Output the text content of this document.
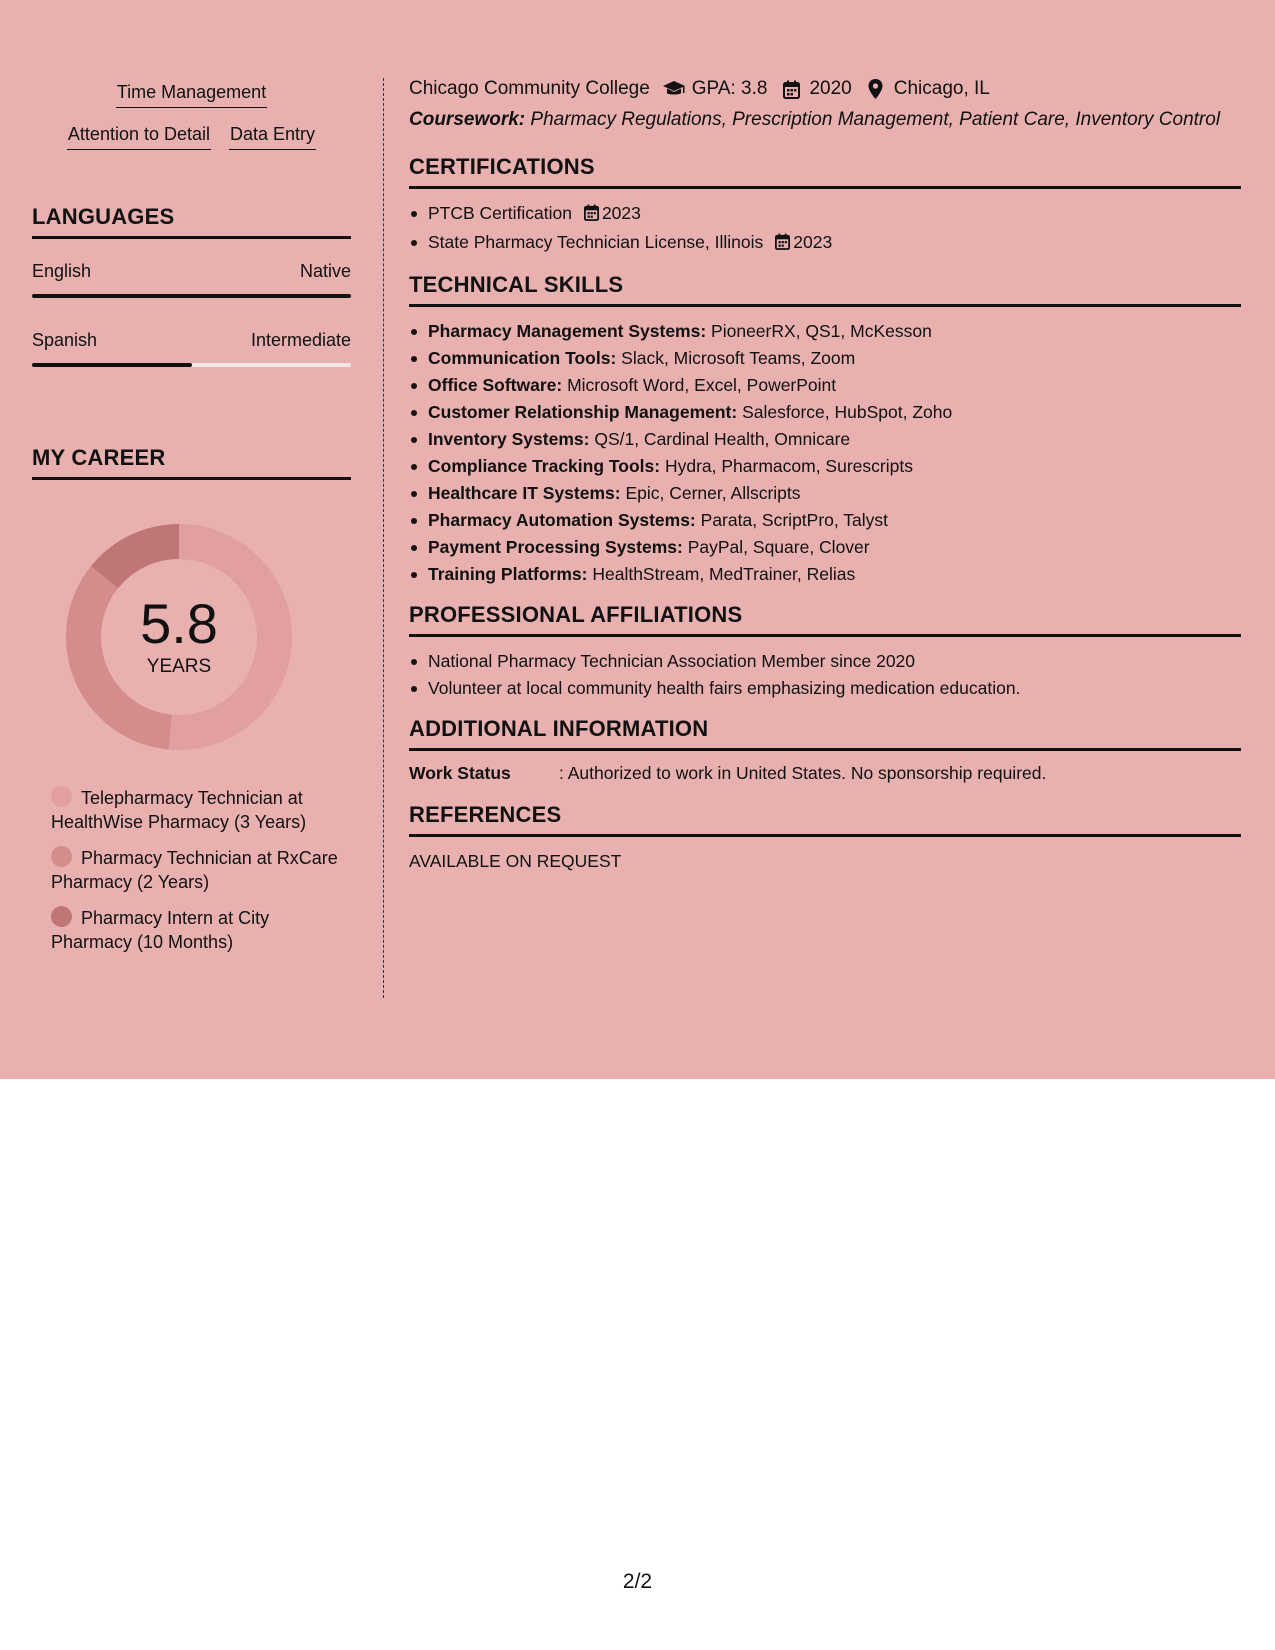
Time Management
Attention to Detail Data Entry
LANGUAGES
English	Native
Spanish	Intermediate
MY CAREER
5.8
YEARS
Telepharmacy Technician at HealthWise Pharmacy (3 Years)
Pharmacy Technician at RxCare Pharmacy (2 Years)
Pharmacy Intern at City Pharmacy (10 Months)
Chicago Community College GPA: 3.8 2020 Chicago, IL
Coursework: Pharmacy Regulations, Prescription Management, Patient Care, Inventory Control
CERTIFICATIONS
PTCB Certification 2023
State Pharmacy Technician License, Illinois 2023
TECHNICAL SKILLS
Pharmacy Management Systems: PioneerRX, QS1, McKesson
Communication Tools: Slack, Microsoft Teams, Zoom
Office Software: Microsoft Word, Excel, PowerPoint
Customer Relationship Management: Salesforce, HubSpot, Zoho
Inventory Systems: QS/1, Cardinal Health, Omnicare
Compliance Tracking Tools: Hydra, Pharmacom, Surescripts
Healthcare IT Systems: Epic, Cerner, Allscripts
Pharmacy Automation Systems: Parata, ScriptPro, Talyst
Payment Processing Systems: PayPal, Square, Clover
Training Platforms: HealthStream, MedTrainer, Relias
PROFESSIONAL AFFILIATIONS
National Pharmacy Technician Association Member since 2020
Volunteer at local community health fairs emphasizing medication education.
ADDITIONAL INFORMATION
Work Status	: Authorized to work in United States. No sponsorship required.
REFERENCES
AVAILABLE ON REQUEST
2/2
